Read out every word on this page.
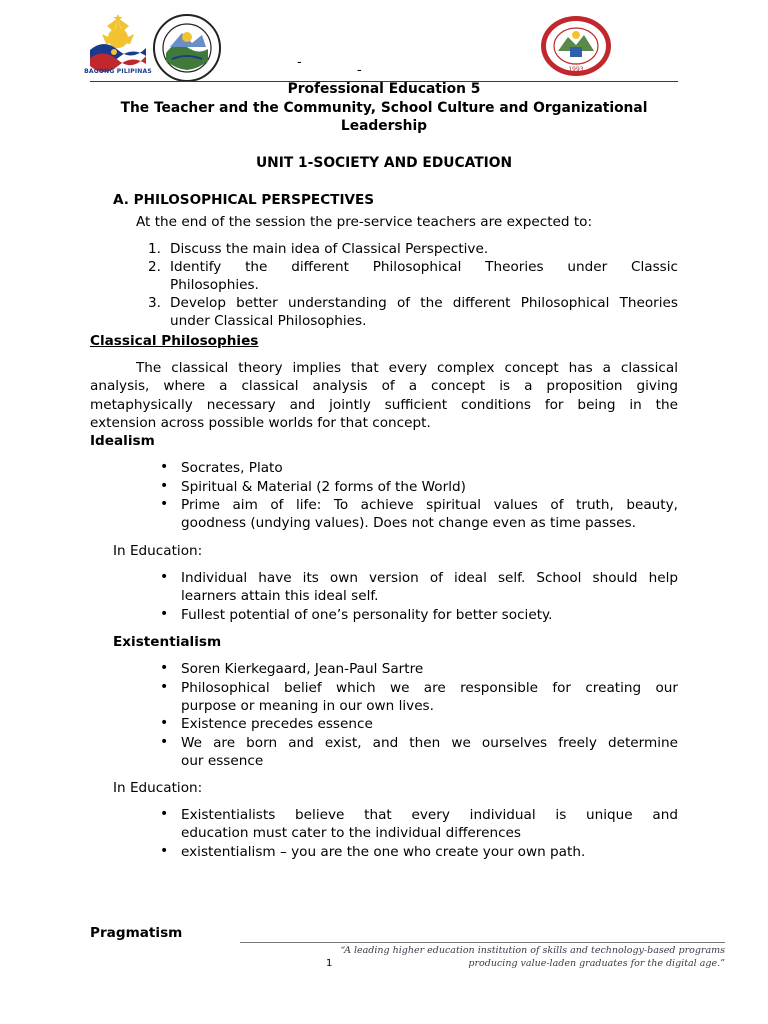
BAGONG PILIPINAS
-
-	1993
Professional Education 5
The Teacher and the Community, School Culture and Organizational
Leadership
UNIT 1-SOCIETY AND EDUCATION
A. PHILOSOPHICAL PERSPECTIVES
At the end of the session the pre-service teachers are expected to:
1. Discuss the main idea of Classical Perspective.
2. Identify the different Philosophical Theories under Classic
Philosophies.
3. Develop better understanding of the different Philosophical Theories
under Classical Philosophies.
Classical Philosophies
The classical theory implies that every complex concept has a classical
analysis, where a classical analysis of a concept is a proposition giving
metaphysically necessary and jointly sufficient conditions for being in the
extension across possible worlds for that concept.
Idealism
• Socrates, Plato
• Spiritual & Material (2 forms of the World)
• Prime aim of life: To achieve spiritual values of truth, beauty,
goodness (undying values). Does not change even as time passes.
In Education:
• Individual have its own version of ideal self. School should help
learners attain this ideal self.
• Fullest potential of one’s personality for better society.
Existentialism
• Soren Kierkegaard, Jean-Paul Sartre
• Philosophical belief which we are responsible for creating our
purpose or meaning in our own lives.
• Existence precedes essence
• We are born and exist, and then we ourselves freely determine
our essence
In Education:
• Existentialists believe that every individual is unique and
education must cater to the individual differences
• existentialism – you are the one who create your own path.
Pragmatism
“A leading higher education institution of skills and technology-based programs
producing value-laden graduates for the digital age.”
1
